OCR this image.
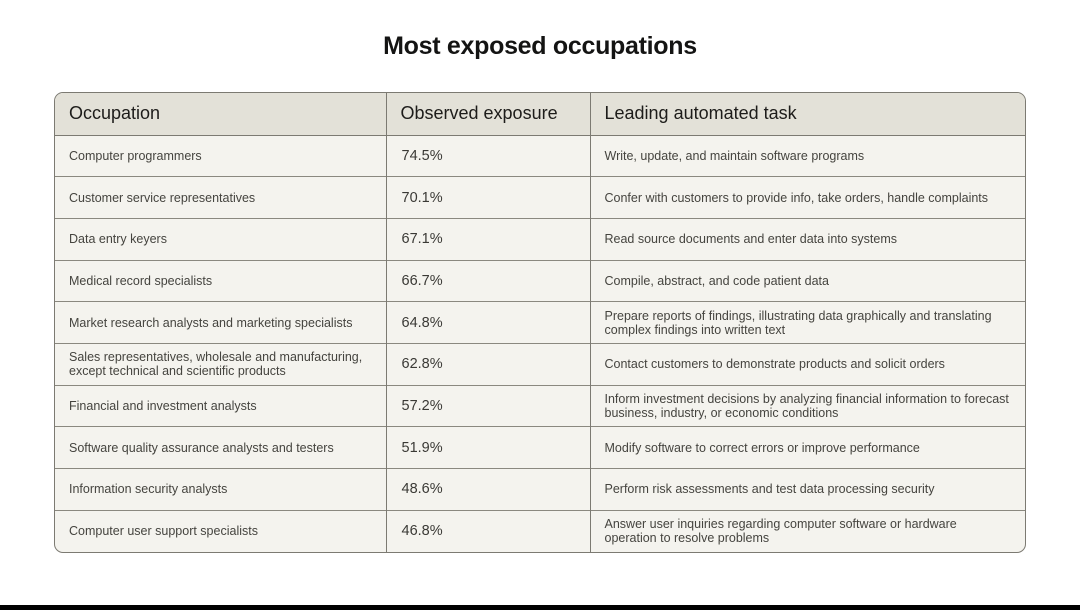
Most exposed occupations
Occupation	Observed exposure	Leading automated task
Computer programmers	74.5%	Write, update, and maintain software programs
Customer service representatives	70.1%	Confer with customers to provide info, take orders, handle complaints
Data entry keyers	67.1%	Read source documents and enter data into systems
Medical record specialists	66.7%	Compile, abstract, and code patient data
Market research analysts and marketing specialists	64.8%	Prepare reports of findings, illustrating data graphically and translating complex findings into written text
Sales representatives, wholesale and manufacturing, except technical and scientific products	62.8%	Contact customers to demonstrate products and solicit orders
Financial and investment analysts	57.2%	Inform investment decisions by analyzing financial information to forecast business, industry, or economic conditions
Software quality assurance analysts and testers	51.9%	Modify software to correct errors or improve performance
Information security analysts	48.6%	Perform risk assessments and test data processing security
Computer user support specialists	46.8%	Answer user inquiries regarding computer software or hardware operation to resolve problems
